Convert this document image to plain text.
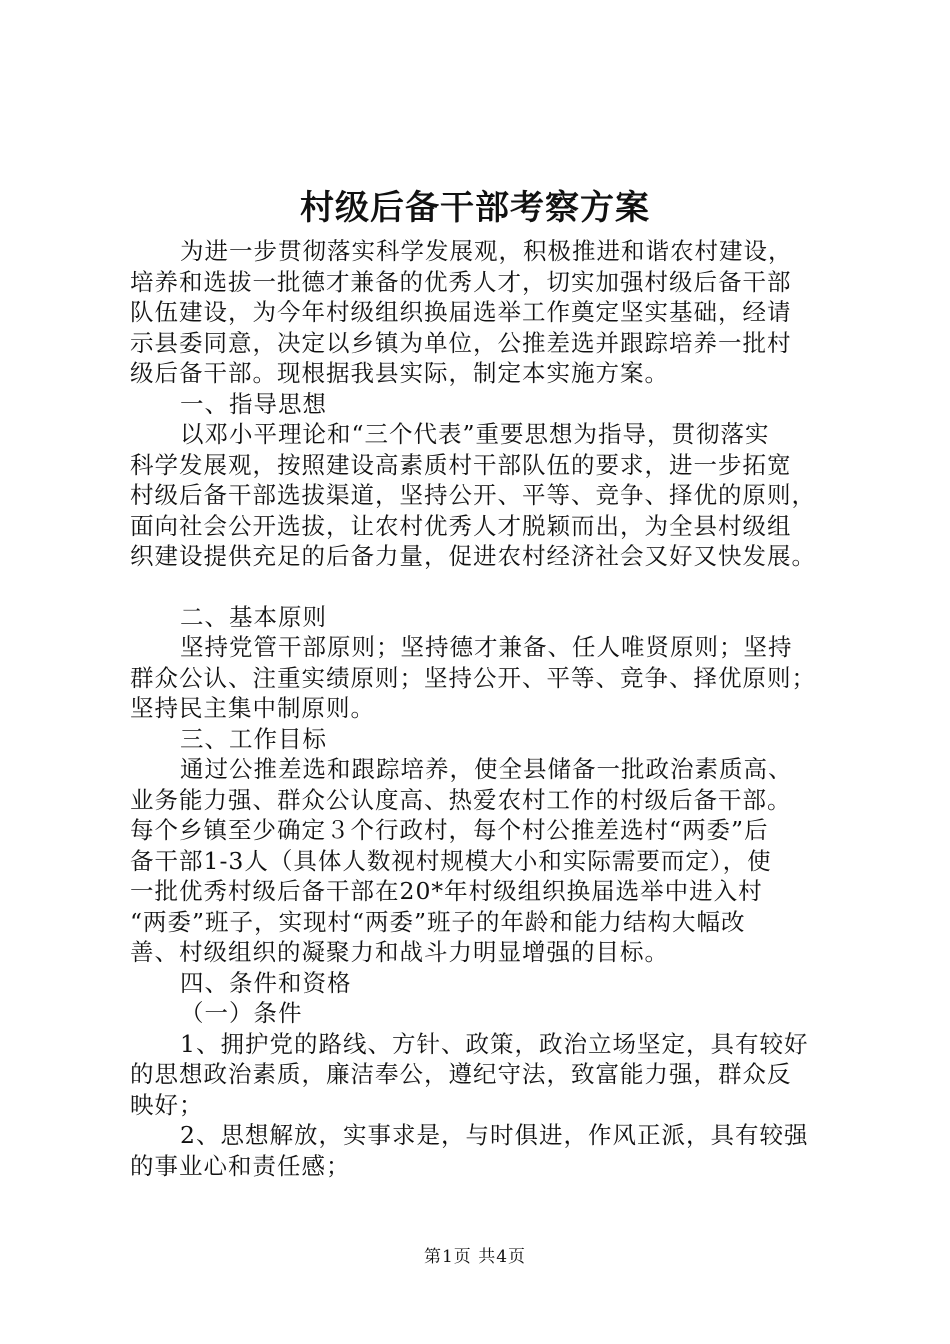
村级后备干部考察方案

为进一步贯彻落实科学发展观，积极推进和谐农村建设，

培养和选拔一批德才兼备的优秀人才，切实加强村级后备干部

队伍建设，为今年村级组织换届选举工作奠定坚实基础，经请

示县委同意，决定以乡镇为单位，公推差选并跟踪培养一批村

级后备干部。现根据我县实际，制定本实施方案。

一、指导思想

以邓小平理论和“三个代表”重要思想为指导，贯彻落实

科学发展观，按照建设高素质村干部队伍的要求，进一步拓宽

村级后备干部选拔渠道，坚持公开、平等、竞争、择优的原则，

面向社会公开选拔，让农村优秀人才脱颖而出，为全县村级组

织建设提供充足的后备力量，促进农村经济社会又好又快发展。

二、基本原则

坚持党管干部原则；坚持德才兼备、任人唯贤原则；坚持

群众公认、注重实绩原则；坚持公开、平等、竞争、择优原则；

坚持民主集中制原则。

三、工作目标

通过公推差选和跟踪培养，使全县储备一批政治素质高、

业务能力强、群众公认度高、热爱农村工作的村级后备干部。

每个乡镇至少确定３个行政村，每个村公推差选村“两委”后

备干部1-3人（具体人数视村规模大小和实际需要而定），使

一批优秀村级后备干部在20*年村级组织换届选举中进入村

“两委”班子，实现村“两委”班子的年龄和能力结构大幅改

善、村级组织的凝聚力和战斗力明显增强的目标。

四、条件和资格

（一）条件

1、拥护党的路线、方针、政策，政治立场坚定，具有较好

的思想政治素质，廉洁奉公，遵纪守法，致富能力强，群众反

映好；

2、思想解放，实事求是，与时俱进，作风正派，具有较强

的事业心和责任感；

第1页 共4页
